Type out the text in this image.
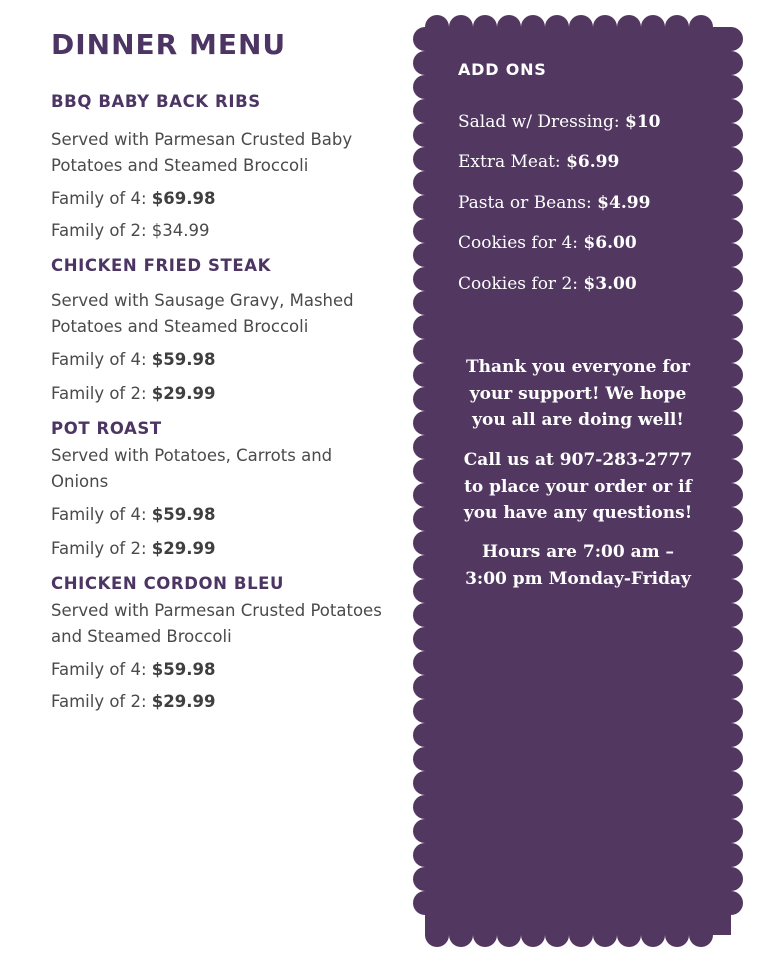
DINNER MENU
BBQ BABY BACK RIBS
Served with Parmesan Crusted Baby
Potatoes and Steamed Broccoli
Family of 4: $69.98
Family of 2: $34.99
CHICKEN FRIED STEAK
Served with Sausage Gravy, Mashed
Potatoes and Steamed Broccoli
Family of 4: $59.98
Family of 2: $29.99
POT ROAST
Served with Potatoes, Carrots and
Onions
Family of 4: $59.98
Family of 2: $29.99
CHICKEN CORDON BLEU
Served with Parmesan Crusted Potatoes
and Steamed Broccoli
Family of 4: $59.98
Family of 2: $29.99
ADD ONS
Salad w/ Dressing: $10
Extra Meat: $6.99
Pasta or Beans: $4.99
Cookies for 4: $6.00
Cookies for 2: $3.00
Thank you everyone for
your support! We hope
you all are doing well!
Call us at 907-283-2777
to place your order or if
you have any questions!
Hours are 7:00 am –
3:00 pm Monday-Friday
